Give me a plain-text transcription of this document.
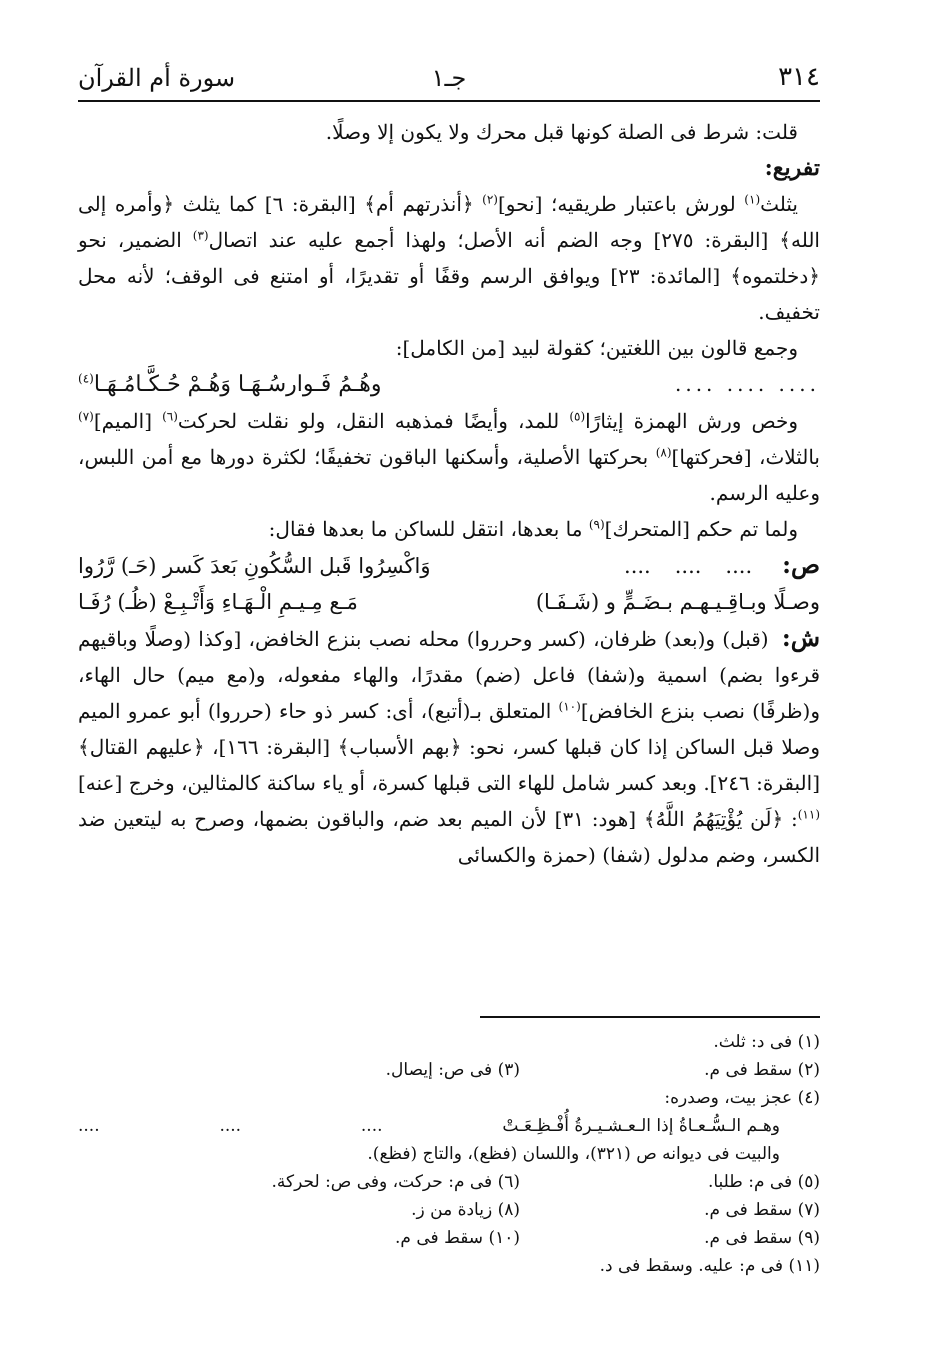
٣١٤
جـ١
سورة أم القرآن

قلت: شرط فى الصلة كونها قبل محرك ولا يكون إلا وصلًا.

تفريع:

يثلث$^{(١)}$ لورش باعتبار طريقيه؛ [نحو]$^{(٢)}$ ﴿أنذرتهم أم﴾ [البقرة: ٦] كما يثلث ﴿وأمره إلى الله﴾ [البقرة: ٢٧٥] وجه الضم أنه الأصل؛ ولهذا أجمع عليه عند اتصال$^{(٣)}$ الضمير، نحو ﴿دخلتموه﴾ [المائدة: ٢٣] ويوافق الرسم وقفًا أو تقديرًا، أو امتنع فى الوقف؛ لأنه محل تخفيف.

وجمع قالون بين اللغتين؛ كقولة لبيد [من الكامل]:

.... .... ....
وهُـمُ فَـوارسُـهَـا وَهُـمْ حُـكَّـامُـهَـا$^{(٤)}$

وخص ورش الهمزة إيثارًا$^{(٥)}$ للمد، وأيضًا فمذهبه النقل، ولو نقلت لحركت$^{(٦)}$ [الميم]$^{(٧)}$ بالثلاث، [فحركتها]$^{(٨)}$ بحركتها الأصلية، وأسكنها الباقون تخفيفًا؛ لكثرة دورها مع أمن اللبس، وعليه الرسم.

ولما تم حكم [المتحرك]$^{(٩)}$ ما بعدها، انتقل للساكن ما بعدها فقال:

ص:
....
....
....
وَاكْسِرُوا قَبل السُّكُونِ بَعدَ كَسر (حَـ) رَّرُوا
وصـلًا وبـاقِـيـهـم بـضَـمٍّ و (شَـفَـا)
مَـع مِـيـمِ الْـهَـاءِ وَأَتْـبِـعْ (ظُـ) رُفَـا

ش: (قبل) و(بعد) ظرفان، (كسر وحرروا) محله نصب بنزع الخافض، [وكذا (وصلًا وباقيهم قرءوا بضم) اسمية و(شفا) فاعل (ضم) مقدرًا، والهاء مفعوله، و(مع ميم) حال الهاء، و(ظرفًا) نصب بنزع الخافض]$^{(١٠)}$ المتعلق بـ(أتبع)، أى: كسر ذو حاء (حرروا) أبو عمرو الميم وصلا قبل الساكن إذا كان قبلها كسر، نحو: ﴿بهم الأسباب﴾ [البقرة: ١٦٦]، ﴿عليهم القتال﴾ [البقرة: ٢٤٦]. وبعد كسر شامل للهاء التى قبلها كسرة، أو ياء ساكنة كالمثالين، وخرج [عنه]$^{(١١)}$: ﴿لَن يُؤْتِيَهُمُ اللَّهُ﴾ [هود: ٣١] لأن الميم بعد ضم، والباقون بضمها، وصرح به ليتعين ضد الكسر، وضم مدلول (شفا) (حمزة والكسائى

(١) فى د: ثلث.
(٢) سقط فى م.
(٣) فى ص: إيصال.
(٤) عجز بيت، وصدره:
وهـم الـسُّـعـاةُ إذا الـعـشـيـرةُ أُفْـظِـعَـتْ
....
....
....
والبيت فى ديوانه ص (٣٢١)، واللسان (فظع)، والتاج (فظع).
(٥) فى م: طلبا.
(٦) فى م: حركت، وفى ص: لحركة.
(٧) سقط فى م.
(٨) زيادة من ز.
(٩) سقط فى م.
(١٠) سقط فى م.
(١١) فى م: عليه. وسقط فى د.
